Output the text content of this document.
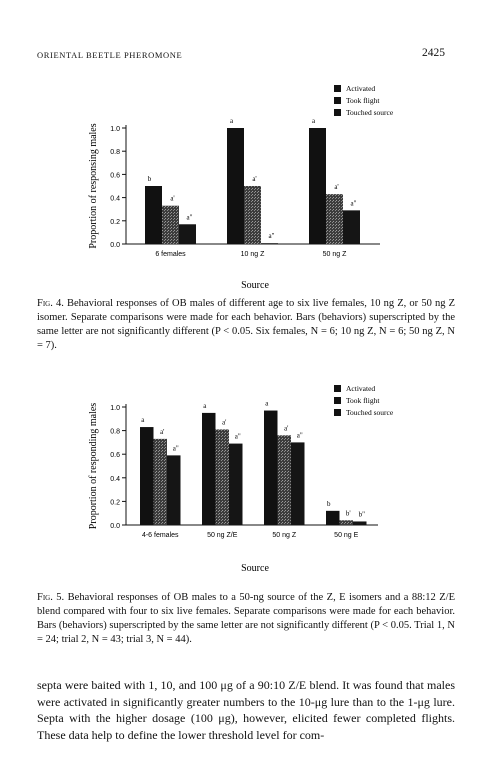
ORIENTAL BEETLE PHEROMONE	2425
0.0
0.2
0.4
0.6
0.8
1.0
Proportion of responsing males	b
a'
a"
6 females
a
a'
a"
10 ng Z
a
a'
a"
50 ng Z
Source
Activated
Took flight
Touched source
Fig. 4. Behavioral responses of OB males of different age to six live females, 10 ng Z, or 50 ng Z isomer. Separate comparisons were made for each behavior. Bars (behaviors) superscripted by the same letter are not significantly different (P < 0.05. Six females, N = 6; 10 ng Z, N = 6; 50 ng Z, N = 7).
0.0
0.2
0.4
0.6
0.8
1.0
Proportion of responding males	a
a'
a"
4-6 females
a
a'
a"
50 ng Z/E
a
a'
a"
50 ng Z
b
b' b"
50 ng E
Source
Activated
Took flight
Touched source
Fig. 5. Behavioral responses of OB males to a 50-ng source of the Z, E isomers and a 88:12 Z/E blend compared with four to six live females. Separate comparisons were made for each behavior. Bars (behaviors) superscripted by the same letter are not significantly different (P < 0.05. Trial 1, N = 24; trial 2, N = 43; trial 3, N = 44).
septa were baited with 1, 10, and 100 μg of a 90:10 Z/E blend. It was found that males were activated in significantly greater numbers to the 10-μg lure than to the 1-μg lure. Septa with the higher dosage (100 μg), however, elicited fewer completed flights. These data help to define the lower threshold level for com-
